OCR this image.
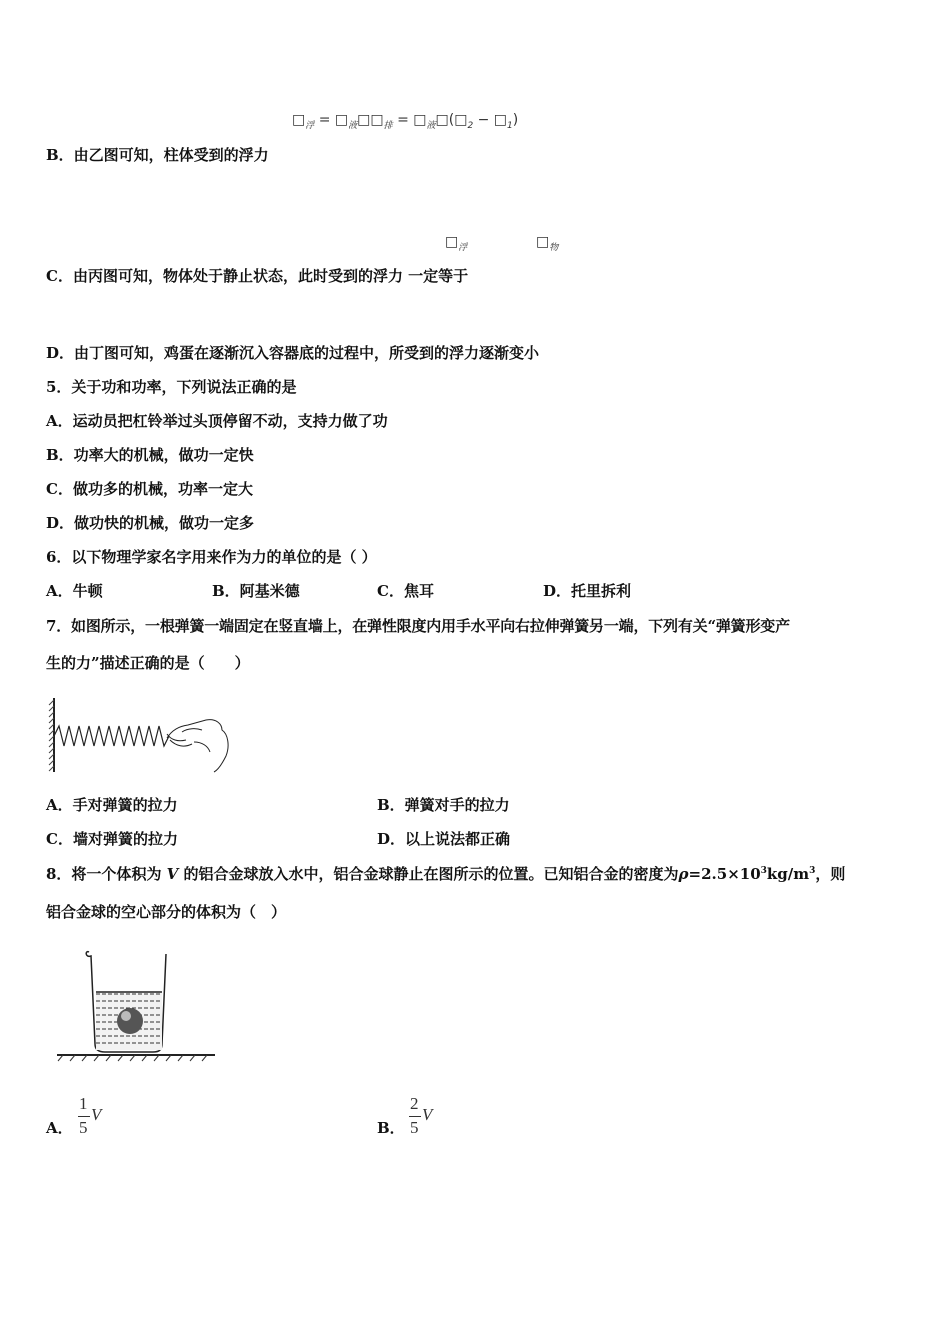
$□_浮$ = $□_液□□_排$ = $□_液□(□_2$ − $□_1$)
B．由乙图可知，柱体受到的浮力
$□_浮$	$□_物$
C．由丙图可知，物体处于静止状态，此时受到的浮力 一定等于
D．由丁图可知，鸡蛋在逐渐沉入容器底的过程中，所受到的浮力逐渐变小
5．关于功和功率，下列说法正确的是
A．运动员把杠铃举过头顶停留不动，支持力做了功
B．功率大的机械，做功一定快
C．做功多的机械，功率一定大
D．做功快的机械，做功一定多
6．以下物理学家名字用来作为力的单位的是（ ）
A．牛顿	B．阿基米德	C．焦耳	D．托里拆利
7．如图所示，一根弹簧一端固定在竖直墙上，在弹性限度内用手水平向右拉伸弹簧另一端，下列有关“弹簧形变产
生的力”描述正确的是（　　）
A．手对弹簧的拉力	B．弹簧对手的拉力
C．墙对弹簧的拉力	D．以上说法都正确
8．将一个体积为 V 的铝合金球放入水中，铝合金球静止在图所示的位置。已知铝合金的密度为$\rho=2.5\times 10^3kg/m^3$，则
铝合金球的空心部分的体积为（　）
A．
1
5
V
B．
2
5
V
